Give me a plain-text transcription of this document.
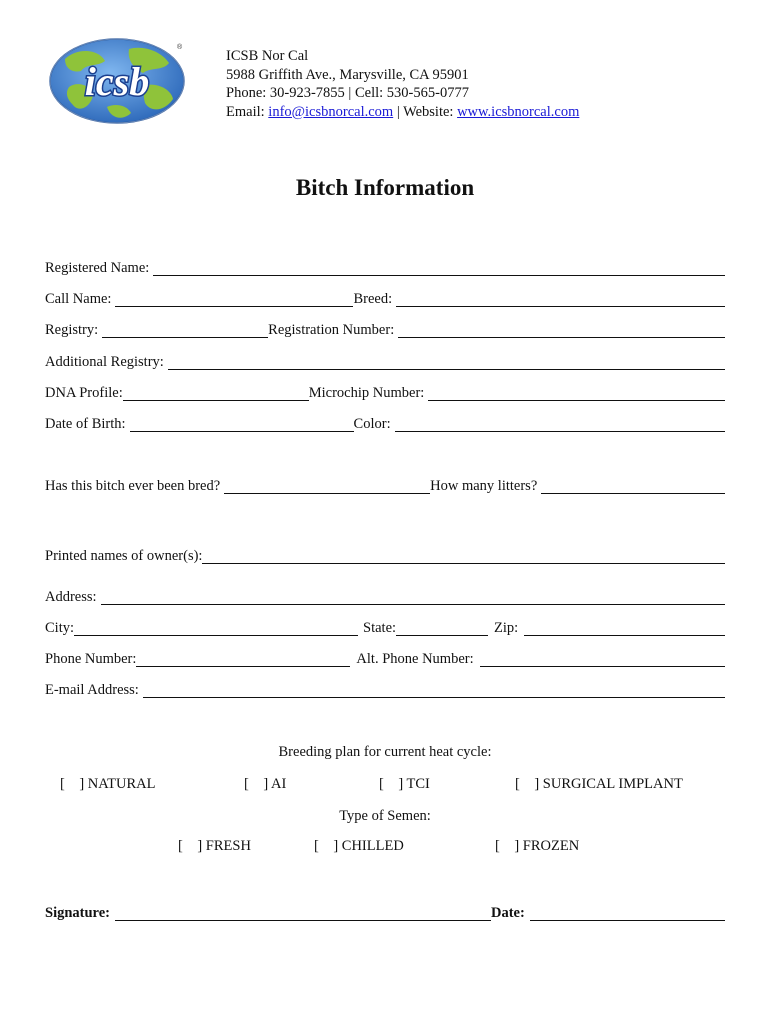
icsb
®
ICSB Nor Cal
5988 Griffith Ave., Marysville, CA 95901
Phone: 30-923-7855 | Cell: 530-565-0777
Email: info@icsbnorcal.com | Website: www.icsbnorcal.com
Bitch Information
Registered Name:
Call Name:	Breed:
Registry:	Registration Number:
Additional Registry:
DNA Profile:	Microchip Number:
Date of Birth:	Color:
Has this bitch ever been bred?	How many litters?
Printed names of owner(s):
Address:
City:	State:	Zip:
Phone Number:	Alt. Phone Number:
E-mail Address:
Breeding plan for current heat cycle:
[    ] NATURAL	[    ] AI	[    ] TCI	[    ] SURGICAL IMPLANT
Type of Semen:
[    ] FRESH	[    ] CHILLED	[    ] FROZEN
Signature:	Date:
